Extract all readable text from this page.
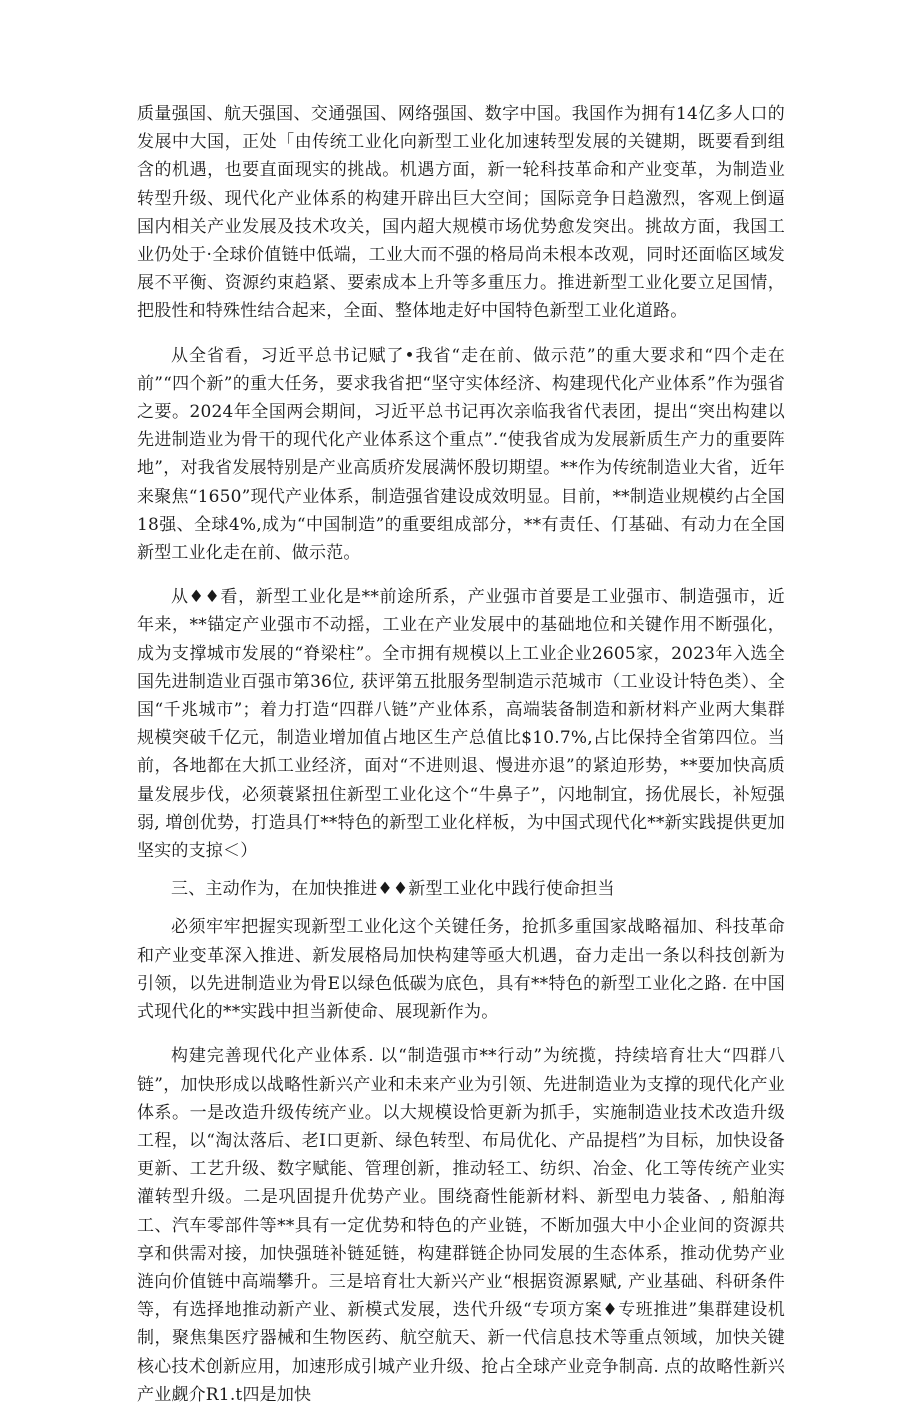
质量强国、航天强国、交通强国、网络强国、数字中国。我国作为拥有14亿多人口的发展中大国，正处「由传统工业化向新型工业化加速转型发展的关键期，既要看到组含的机遇，也要直面现实的挑战。机遇方面，新一轮科技革命和产业变革，为制造业转型升级、现代化产业体系的构建开辟出巨大空间；国际竞争日趋激烈，客观上倒逼国内相关产业发展及技术攻关，国内超大规模市场优势愈发突出。挑故方面，我国工业仍处于·全球价值链中低端，工业大而不强的格局尚未根本改观，同时还面临区域发展不平衡、资源约束趋紧、要索成本上升等多重压力。推进新型工业化要立足国情，把股性和特殊性结合起来，全面、整体地走好中国特色新型工业化道路。

从全省看，习近平总书记赋了•我省“走在前、做示范”的重大要求和“四个走在前”“四个新”的重大任务，要求我省把“坚守实体经济、构建现代化产业体系”作为强省之要。2024年全国两会期间，习近平总书记再次亲临我省代表团，提出“突出构建以先进制造业为骨干的现代化产业体系这个重点”.“使我省成为发展新质生产力的重要阵地”，对我省发展特别是产业高质疥发展满怀殷切期望。**作为传统制造业大省，近年来聚焦“1650”现代产业体系，制造强省建设成效明显。目前，**制造业规模约占全国18强、全球4%,成为“中国制造”的重要组成部分，**有责任、仃基础、有动力在全国新型工业化走在前、做示范。

从♦♦看，新型工业化是**前途所系，产业强市首要是工业强市、制造强市，近年来，**锚定产业强市不动摇，工业在产业发展中的基础地位和关键作用不断强化，成为支撑城市发展的“脊梁柱”。全市拥有规模以上工业企业2605家，2023年入选全国先进制造业百强市第36位, 获评第五批服务型制造示范城市（工业设计特色类）、全国“千兆城市”；着力打造“四群八链”产业体系，高端装备制造和新材料产业两大集群规模突破千亿元，制造业增加值占地区生产总值比$10.7%,占比保持全省第四位。当前，各地都在大抓工业经济，面对“不进则退、慢进亦退”的紧迫形势，**要加快高质量发展步伐，必须蓑紧扭住新型工业化这个“牛鼻子”，闪地制宜，扬优展长，补短强弱, 増创优势，打造具仃**特色的新型工业化样板，为中国式现代化**新实践提供更加坚实的支掠＜）

三、主动作为，在加快推进♦♦新型工业化中践行使命担当

必须牢牢把握实现新型工业化这个关键任务，抢抓多重国家战略福加、科技革命和产业变革深入推进、新发展格局加快构建等亟大机遇，奋力走出一条以科技创新为引领，以先进制造业为骨E以绿色低碳为底色，具有**特色的新型工业化之路. 在中国式现代化的**实践中担当新使命、展现新作为。

构建完善现代化产业体系. 以“制造强市**行动”为统揽，持续培育壮大“四群八链”，加快形成以战略性新兴产业和未来产业为引领、先进制造业为支撑的现代化产业体系。一是改造升级传统产业。以大规模设恰更新为抓手，实施制造业技术改造升级工程，以“淘汰落后、老I口更新、绿色转型、布局优化、产品提档”为目标，加快设备更新、工艺升级、数字赋能、管理创新，推动轻工、纺织、冶金、化工等传统产业实灌转型升级。二是巩固提升优势产业。围绕裔性能新材料、新型电力装备、, 船舶海工、汽车零部件等**具有一定优势和特色的产业链，不断加强大中小企业间的资源共享和供需对接，加快强琏补链延链，构建群链企协同发展的生态体系，推动优势产业涟向价值链中高端攀升。三是培育壮大新兴产业“根据资源累赋, 产业基础、科研条件等，有选择地推动新产业、新模式发展，迭代升级“专项方案♦专班推进”集群建设机制，聚焦集医疗器械和生物医药、航空航天、新一代信息技术等重点领域，加快关键核心技术创新应用，加速形成引城产业升级、抢占全球产业竞争制高. 点的故略性新兴产业觑介R1.t四是加快
